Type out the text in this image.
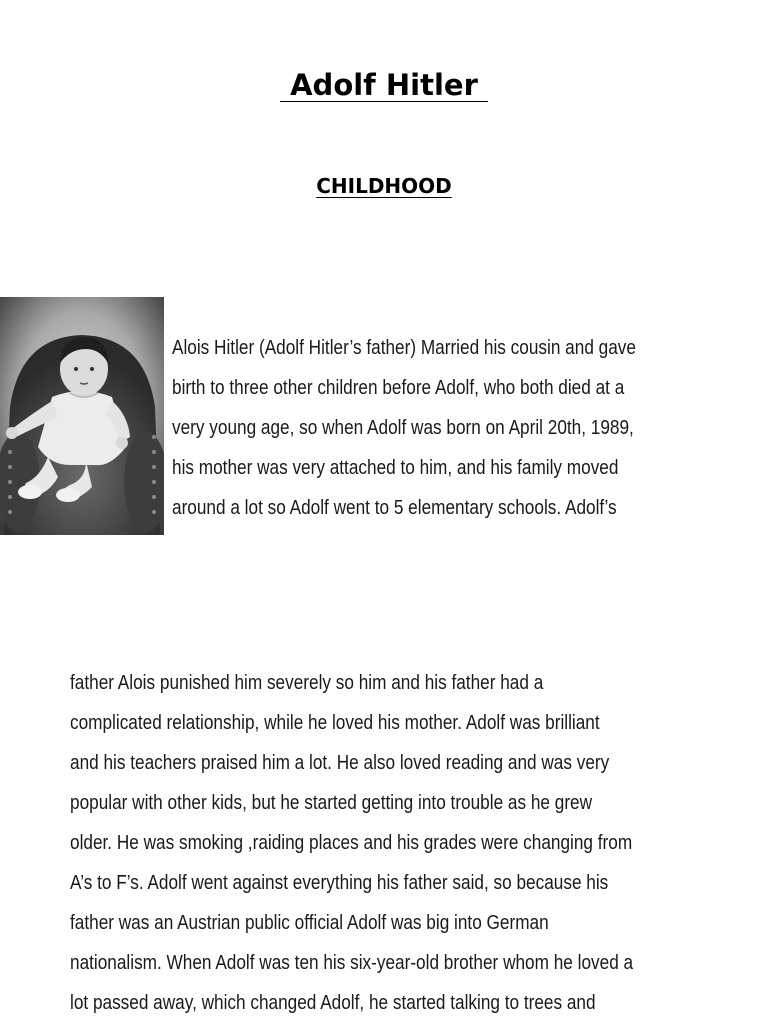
Adolf Hitler
CHILDHOOD

Alois Hitler (Adolf Hitler’s father) Married his cousin and gave
birth to three other children before Adolf, who both died at a
very young age, so when Adolf was born on April 20th, 1989,
his mother was very attached to him, and his family moved
around a lot so Adolf went to 5 elementary schools. Adolf’s

father Alois punished him severely so him and his father had a
complicated relationship, while he loved his mother. Adolf was brilliant
and his teachers praised him a lot. He also loved reading and was very
popular with other kids, but he started getting into trouble as he grew
older. He was smoking ,raiding places and his grades were changing from
A’s to F’s. Adolf went against everything his father said, so because his
father was an Austrian public official Adolf was big into German
nationalism. When Adolf was ten his six-year-old brother whom he loved a
lot passed away, which changed Adolf, he started talking to trees and
